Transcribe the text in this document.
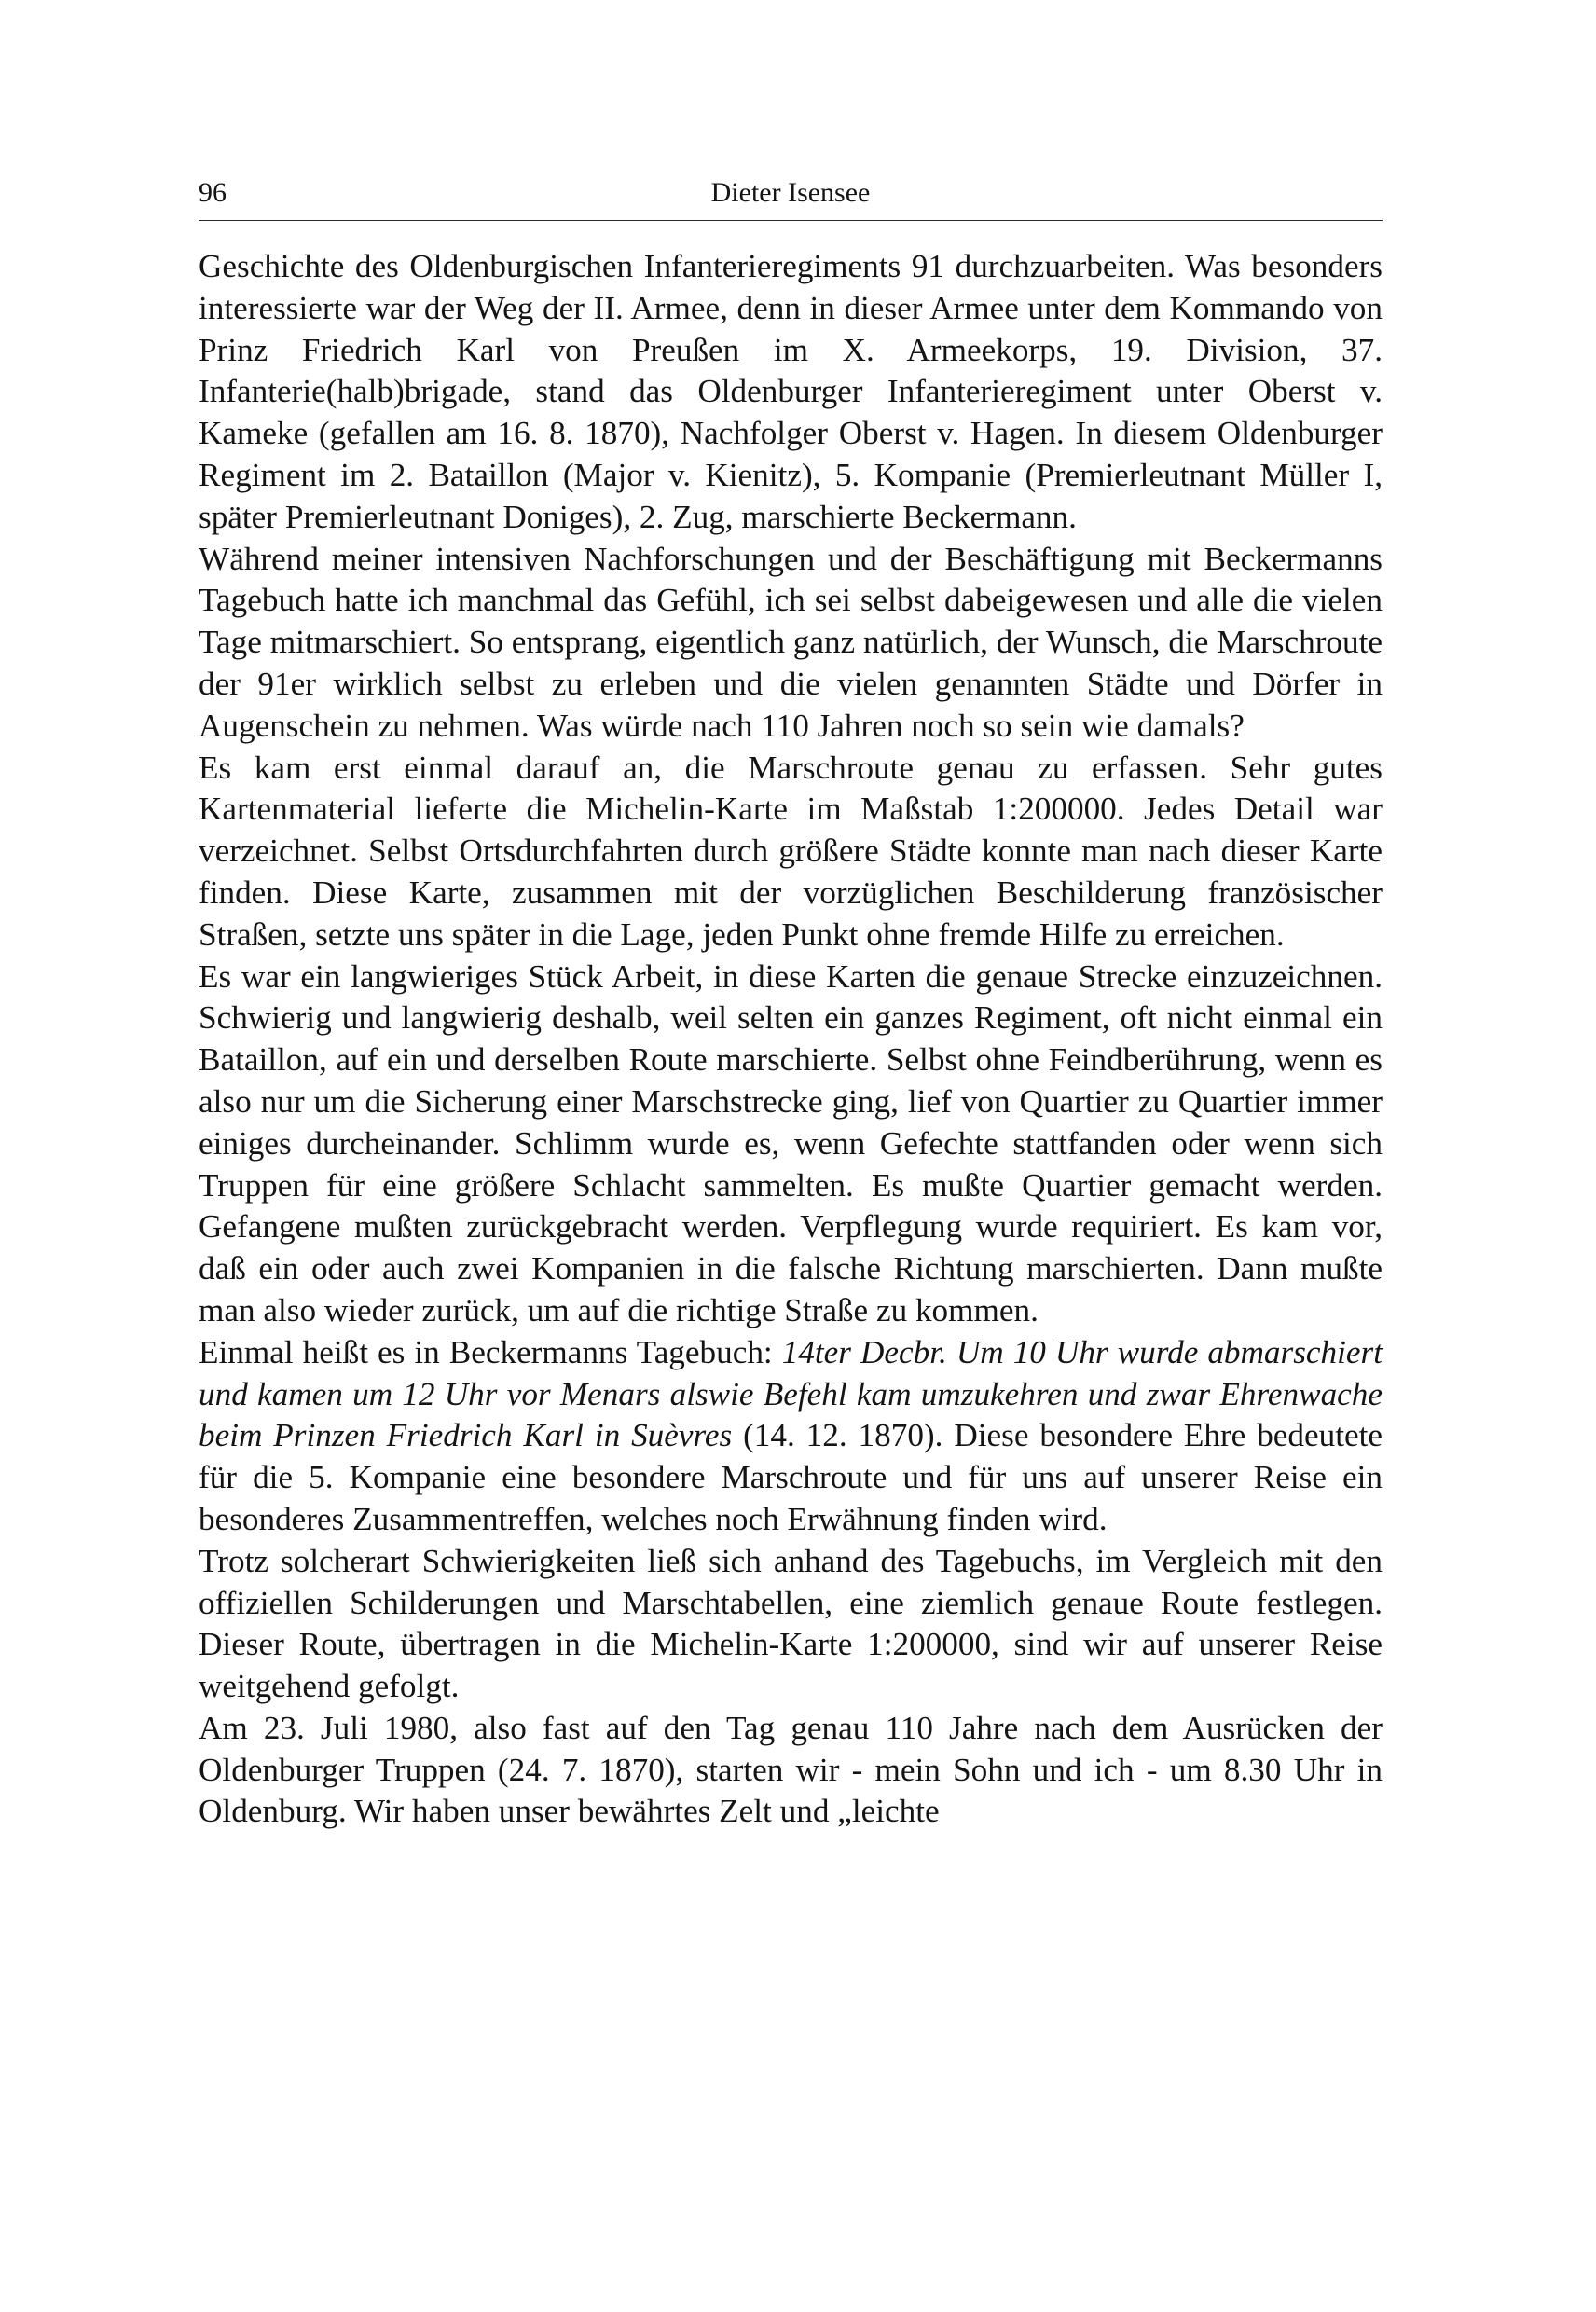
96	Dieter Isensee

Geschichte des Oldenburgischen Infanterieregiments 91 durchzuarbeiten. Was besonders interessierte war der Weg der II. Armee, denn in dieser Armee unter dem Kommando von Prinz Friedrich Karl von Preußen im X. Armeekorps, 19. Division, 37. Infanterie(halb)brigade, stand das Oldenburger Infanterieregiment unter Oberst v. Kameke (gefallen am 16. 8. 1870), Nachfolger Oberst v. Hagen. In diesem Oldenburger Regiment im 2. Bataillon (Major v. Kienitz), 5. Kompanie (Premierleutnant Müller I, später Premierleutnant Doniges), 2. Zug, marschierte Beckermann.

Während meiner intensiven Nachforschungen und der Beschäftigung mit Beckermanns Tagebuch hatte ich manchmal das Gefühl, ich sei selbst dabeigewesen und alle die vielen Tage mitmarschiert. So entsprang, eigentlich ganz natürlich, der Wunsch, die Marschroute der 91er wirklich selbst zu erleben und die vielen genannten Städte und Dörfer in Augenschein zu nehmen. Was würde nach 110 Jahren noch so sein wie damals?

Es kam erst einmal darauf an, die Marschroute genau zu erfassen. Sehr gutes Kartenmaterial lieferte die Michelin-Karte im Maßstab 1:200000. Jedes Detail war verzeichnet. Selbst Ortsdurchfahrten durch größere Städte konnte man nach dieser Karte finden. Diese Karte, zusammen mit der vorzüglichen Beschilderung französischer Straßen, setzte uns später in die Lage, jeden Punkt ohne fremde Hilfe zu erreichen.

Es war ein langwieriges Stück Arbeit, in diese Karten die genaue Strecke einzuzeichnen. Schwierig und langwierig deshalb, weil selten ein ganzes Regiment, oft nicht einmal ein Bataillon, auf ein und derselben Route marschierte. Selbst ohne Feindberührung, wenn es also nur um die Sicherung einer Marschstrecke ging, lief von Quartier zu Quartier immer einiges durcheinander. Schlimm wurde es, wenn Gefechte stattfanden oder wenn sich Truppen für eine größere Schlacht sammelten. Es mußte Quartier gemacht werden. Gefangene mußten zurückgebracht werden. Verpflegung wurde requiriert. Es kam vor, daß ein oder auch zwei Kompanien in die falsche Richtung marschierten. Dann mußte man also wieder zurück, um auf die richtige Straße zu kommen.

Einmal heißt es in Beckermanns Tagebuch: 14ter Decbr. Um 10 Uhr wurde abmarschiert und kamen um 12 Uhr vor Menars alswie Befehl kam umzukehren und zwar Ehrenwache beim Prinzen Friedrich Karl in Suèvres (14. 12. 1870). Diese besondere Ehre bedeutete für die 5. Kompanie eine besondere Marschroute und für uns auf unserer Reise ein besonderes Zusammentreffen, welches noch Erwähnung finden wird.

Trotz solcherart Schwierigkeiten ließ sich anhand des Tagebuchs, im Vergleich mit den offiziellen Schilderungen und Marschtabellen, eine ziemlich genaue Route festlegen. Dieser Route, übertragen in die Michelin-Karte 1:200000, sind wir auf unserer Reise weitgehend gefolgt.

Am 23. Juli 1980, also fast auf den Tag genau 110 Jahre nach dem Ausrücken der Oldenburger Truppen (24. 7. 1870), starten wir - mein Sohn und ich - um 8.30 Uhr in Oldenburg. Wir haben unser bewährtes Zelt und „leichte
